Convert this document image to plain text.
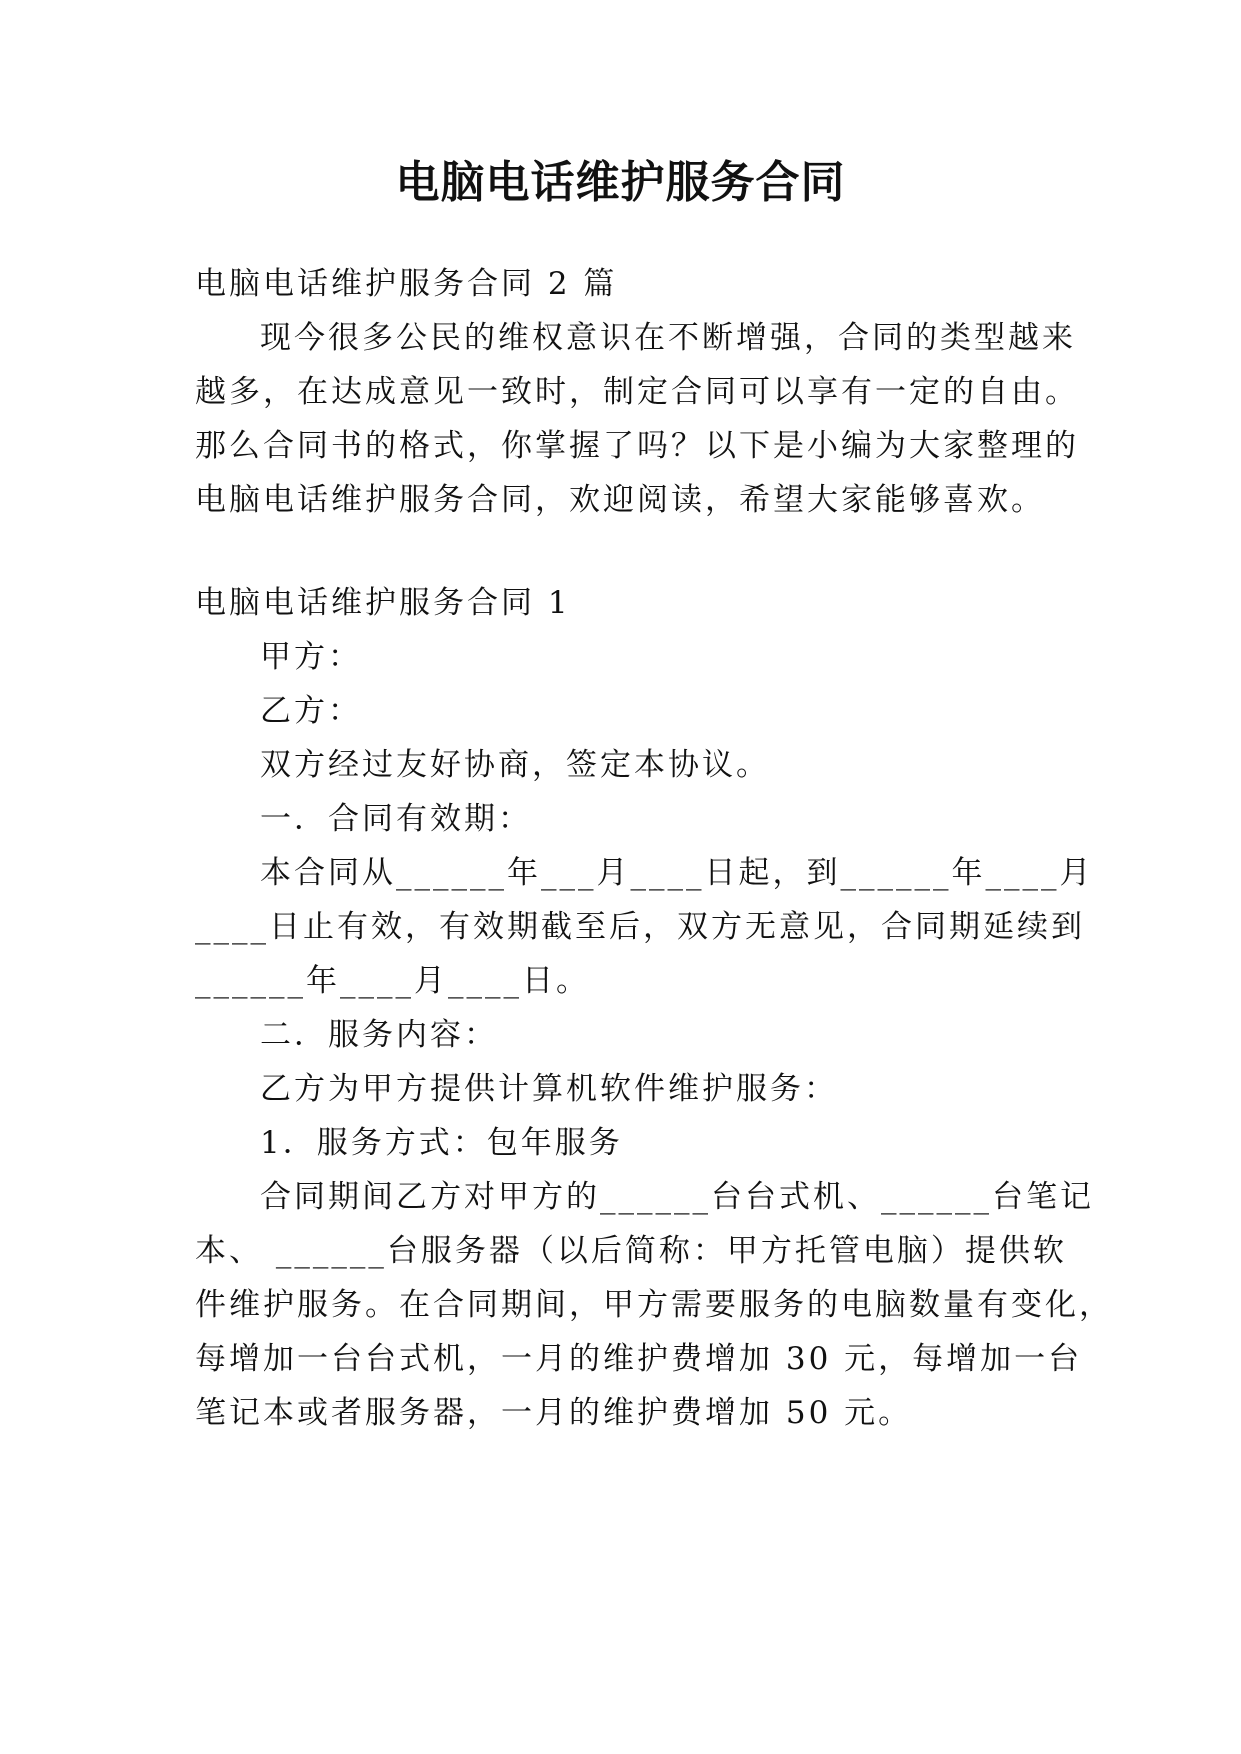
电脑电话维护服务合同
电脑电话维护服务合同 2 篇
现今很多公民的维权意识在不断增强，合同的类型越来
越多，在达成意见一致时，制定合同可以享有一定的自由。
那么合同书的格式，你掌握了吗？以下是小编为大家整理的
电脑电话维护服务合同，欢迎阅读，希望大家能够喜欢。
电脑电话维护服务合同 1
甲方：
乙方：
双方经过友好协商，签定本协议。
一．合同有效期：
本合同从______年___月____日起，到______年____月
____日止有效，有效期截至后，双方无意见，合同期延续到
______年____月____日。
二．服务内容：
乙方为甲方提供计算机软件维护服务：
1．服务方式：包年服务
合同期间乙方对甲方的______台台式机、______台笔记
本、 ______台服务器（以后简称：甲方托管电脑）提供软
件维护服务。在合同期间，甲方需要服务的电脑数量有变化，
每增加一台台式机，一月的维护费增加 30 元，每增加一台
笔记本或者服务器，一月的维护费增加 50 元。
